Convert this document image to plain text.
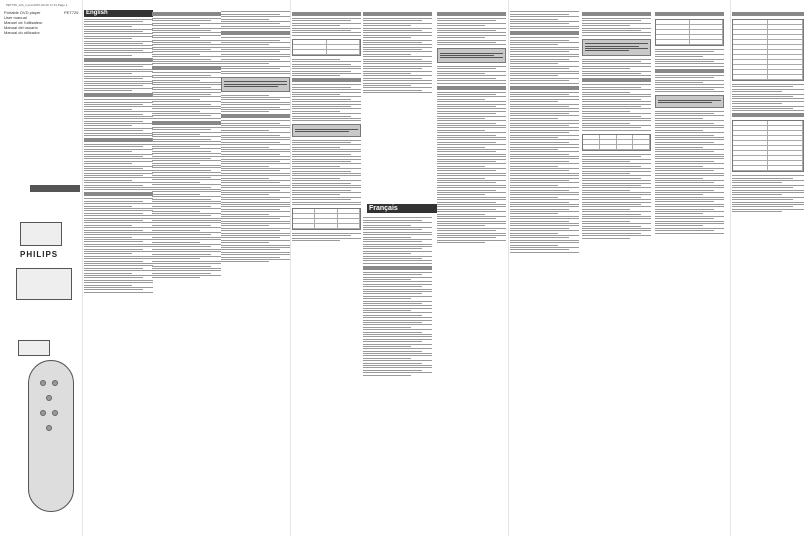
PET725_12b_1.qxd 2007-03-20 17:21 Page 1
Portable DVD player
User manual
Manuel de l'utilisateur
Manual del usuario
Manual do utilizador
PET725
PHILIPS
English
Français
